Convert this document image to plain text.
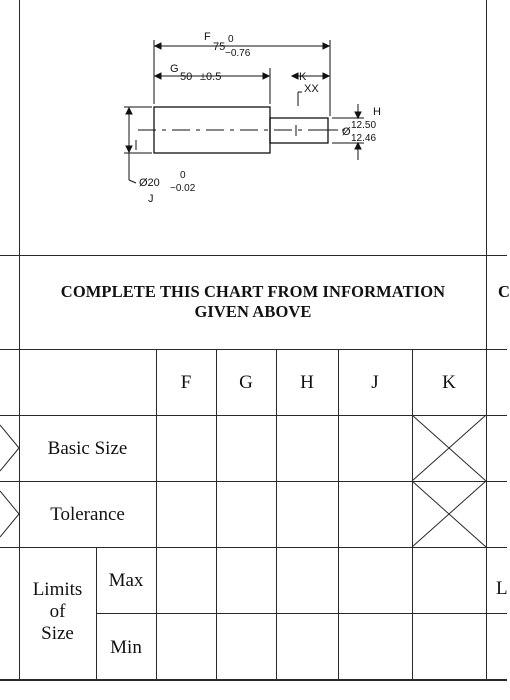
F
75
0
−0.76
G
50 ±0.5	K
XX
H
Ø
12.50
12.46
Ø20
0
−0.02
J
COMPLETE THIS CHART FROM INFORMATION
GIVEN ABOVE
C
F	G	H	J	K
Basic Size
Tolerance
Limits
of
Size
Max
Min
L
